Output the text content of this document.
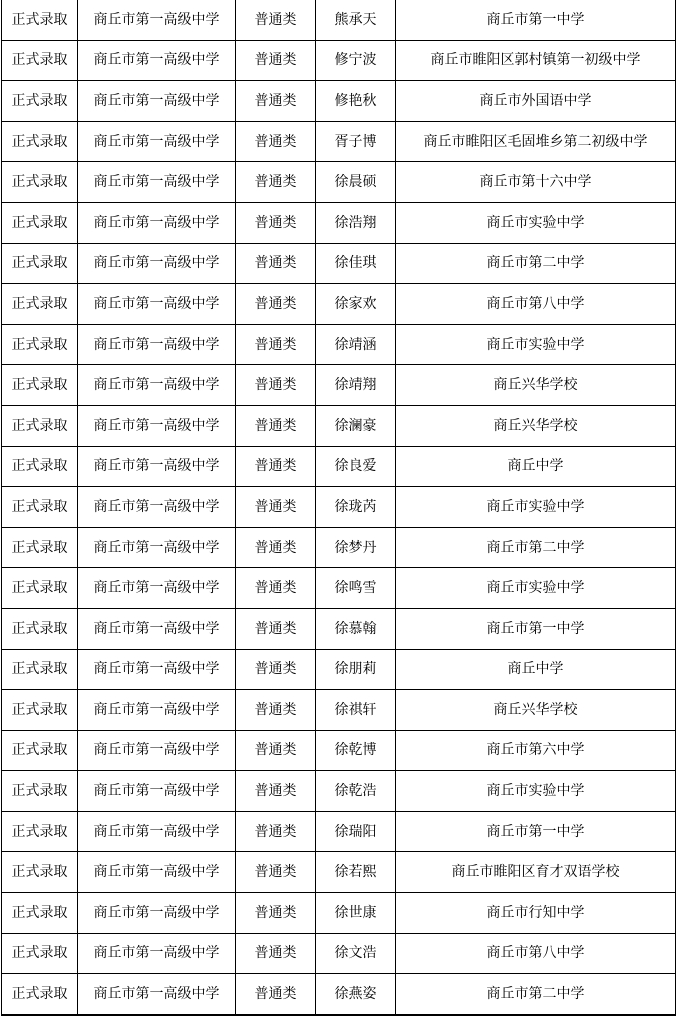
正式录取	商丘市第一高级中学	普通类	熊承天	商丘市第一中学
正式录取	商丘市第一高级中学	普通类	修宁波	商丘市睢阳区郭村镇第一初级中学
正式录取	商丘市第一高级中学	普通类	修艳秋	商丘市外国语中学
正式录取	商丘市第一高级中学	普通类	胥子博	商丘市睢阳区毛固堆乡第二初级中学
正式录取	商丘市第一高级中学	普通类	徐晨硕	商丘市第十六中学
正式录取	商丘市第一高级中学	普通类	徐浩翔	商丘市实验中学
正式录取	商丘市第一高级中学	普通类	徐佳琪	商丘市第二中学
正式录取	商丘市第一高级中学	普通类	徐家欢	商丘市第八中学
正式录取	商丘市第一高级中学	普通类	徐靖涵	商丘市实验中学
正式录取	商丘市第一高级中学	普通类	徐靖翔	商丘兴华学校
正式录取	商丘市第一高级中学	普通类	徐澜豪	商丘兴华学校
正式录取	商丘市第一高级中学	普通类	徐良爱	商丘中学
正式录取	商丘市第一高级中学	普通类	徐珑芮	商丘市实验中学
正式录取	商丘市第一高级中学	普通类	徐梦丹	商丘市第二中学
正式录取	商丘市第一高级中学	普通类	徐鸣雪	商丘市实验中学
正式录取	商丘市第一高级中学	普通类	徐慕翰	商丘市第一中学
正式录取	商丘市第一高级中学	普通类	徐朋莉	商丘中学
正式录取	商丘市第一高级中学	普通类	徐祺轩	商丘兴华学校
正式录取	商丘市第一高级中学	普通类	徐乾博	商丘市第六中学
正式录取	商丘市第一高级中学	普通类	徐乾浩	商丘市实验中学
正式录取	商丘市第一高级中学	普通类	徐瑞阳	商丘市第一中学
正式录取	商丘市第一高级中学	普通类	徐若熙	商丘市睢阳区育才双语学校
正式录取	商丘市第一高级中学	普通类	徐世康	商丘市行知中学
正式录取	商丘市第一高级中学	普通类	徐文浩	商丘市第八中学
正式录取	商丘市第一高级中学	普通类	徐燕姿	商丘市第二中学
